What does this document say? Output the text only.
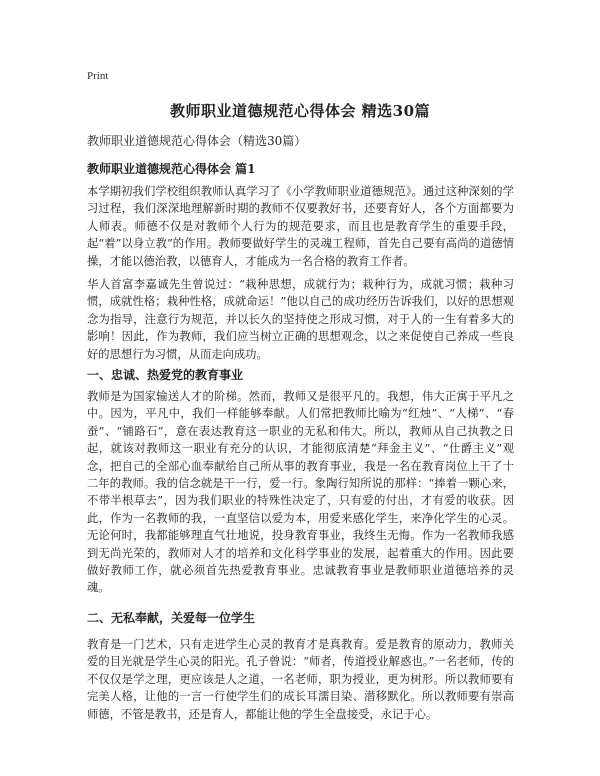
Print
教师职业道德规范心得体会 精选30篇

教师职业道德规范心得体会（精选30篇）

教师职业道德规范心得体会 篇1

本学期初我们学校组织教师认真学习了《小学教师职业道德规范》。通过这种深刻的学习过程，我们深深地理解新时期的教师不仅要教好书，还要育好人，各个方面都要为人师表。师德不仅是对教师个人行为的规范要求，而且也是教育学生的重要手段，起“着”以身立教”的作用。教师要做好学生的灵魂工程师，首先自己要有高尚的道德情操，才能以德治教，以德育人，才能成为一名合格的教育工作者。

华人首富李嘉诚先生曾说过：“栽种思想，成就行为；栽种行为，成就习惯；栽种习惯，成就性格；栽种性格，成就命运！”他以自己的成功经历告诉我们，以好的思想观念为指导，注意行为规范，并以长久的坚持使之形成习惯，对于人的一生有着多大的影响！因此，作为教师，我们应当树立正确的思想观念，以之来促使自己养成一些良好的思想行为习惯，从而走向成功。

一、忠诚、热爱党的教育事业

教师是为国家输送人才的阶梯。然而，教师又是很平凡的。我想，伟大正寓于平凡之中。因为，平凡中，我们一样能够奉献。人们常把教师比喻为“红烛”、“人梯”、“春蚕”、“铺路石”，意在表达教育这一职业的无私和伟大。所以，教师从自己执教之日起，就该对教师这一职业有充分的认识，才能彻底清楚“拜金主义”、“仕爵主义”观念，把自己的全部心血奉献给自己所从事的教育事业，我是一名在教育岗位上干了十二年的教师。我的信念就是干一行，爱一行。象陶行知所说的那样：“捧着一颗心来，不带半根草去”，因为我们职业的特殊性决定了，只有爱的付出，才有爱的收获。因此，作为一名教师的我，一直坚信以爱为本，用爱来感化学生，来净化学生的心灵。无论何时，我都能够理直气壮地说，投身教育事业，我终生无悔。作为一名教师我感到无尚光荣的，教师对人才的培养和文化科学事业的发展，起着重大的作用。因此要做好教师工作，就必须首先热爱教育事业。忠诚教育事业是教师职业道德培养的灵魂。

二、无私奉献，关爱每一位学生

教育是一门艺术，只有走进学生心灵的教育才是真教育。爱是教育的原动力，教师关爱的目光就是学生心灵的阳光。孔子曾说：“师者，传道授业解惑也。”一名老师，传的不仅仅是学之理，更应该是人之道，一名老师，职为授业，更为树形。所以教师要有完美人格，让他的一言一行使学生们的成长耳濡目染、潜移默化。所以教师要有崇高师德，不管是教书，还是育人，都能让他的学生全盘接受，永记于心。
